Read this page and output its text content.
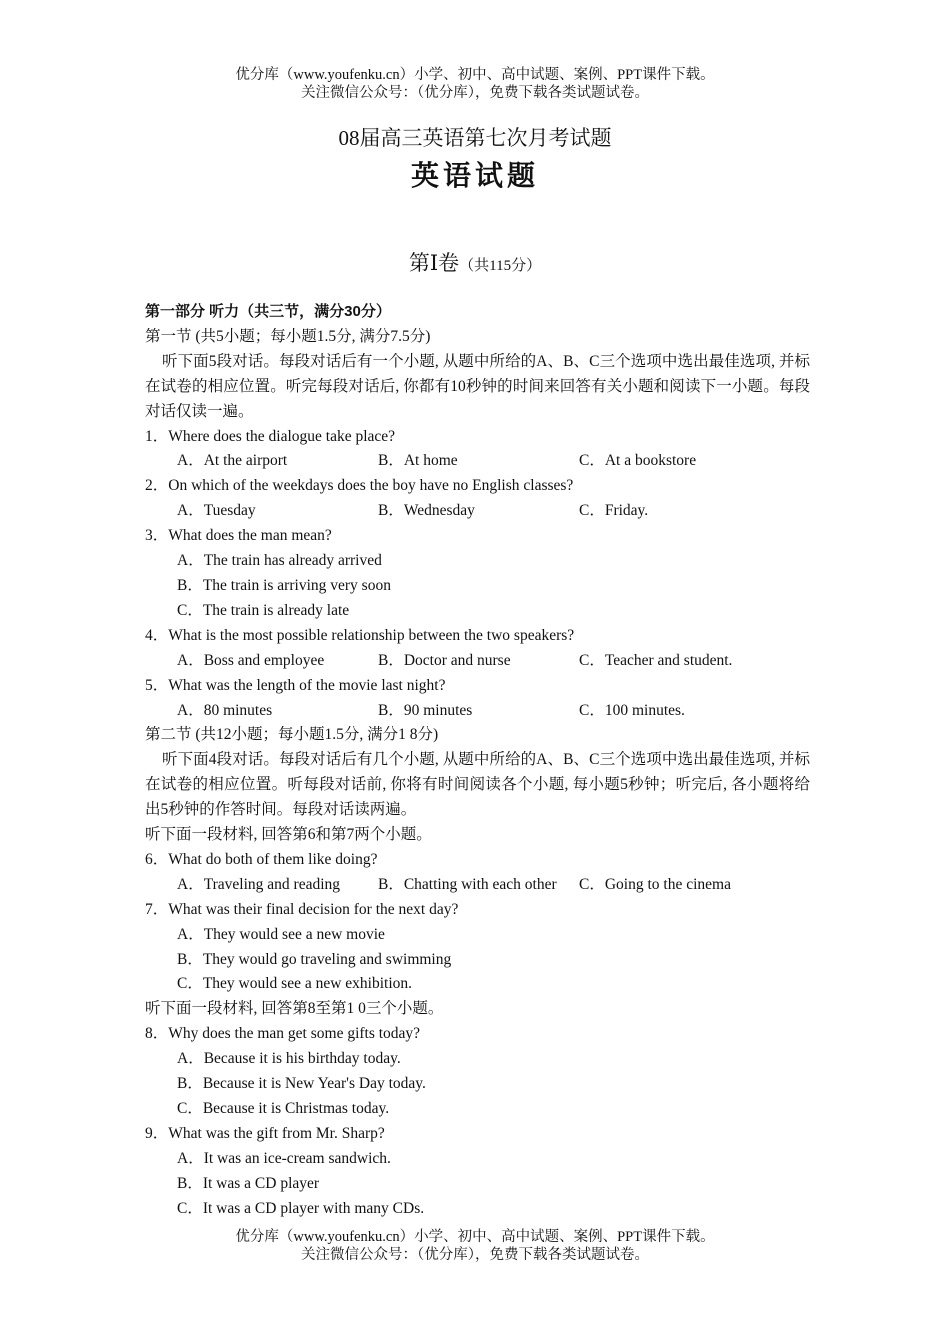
优分库（www.youfenku.cn）小学、初中、高中试题、案例、PPT课件下载。
关注微信公众号：（优分库），免费下载各类试题试卷。
08届高三英语第七次月考试题
英语试题
第Ⅰ卷（共115分）
第一部分 听力（共三节，满分30分）
第一节 (共5小题；每小题1.5分, 满分7.5分)
听下面5段对话。每段对话后有一个小题, 从题中所给的A、B、C三个选项中选出最佳选项, 并标在试卷的相应位置。听完每段对话后, 你都有10秒钟的时间来回答有关小题和阅读下一小题。每段对话仅读一遍。
1．Where does the dialogue take place?
A．At the airport	B．At home	C．At a bookstore
2．On which of the weekdays does the boy have no English classes?
A．Tuesday	B．Wednesday	C．Friday.
3．What does the man mean?
A．The train has already arrived
B．The train is arriving very soon
C．The train is already late
4．What is the most possible relationship between the two speakers?
A．Boss and employee	B．Doctor and nurse	C．Teacher and student.
5．What was the length of the movie last night?
A．80 minutes	B．90 minutes	C．100 minutes.
第二节 (共12小题；每小题1.5分, 满分1 8分)
听下面4段对话。每段对话后有几个小题, 从题中所给的A、B、C三个选项中选出最佳选项, 并标在试卷的相应位置。听每段对话前, 你将有时间阅读各个小题, 每小题5秒钟；听完后, 各小题将给出5秒钟的作答时间。每段对话读两遍。
听下面一段材料, 回答第6和第7两个小题。
6．What do both of them like doing?
A．Traveling and reading	B．Chatting with each other	C．Going to the cinema
7．What was their final decision for the next day?
A．They would see a new movie
B．They would go traveling and swimming
C．They would see a new exhibition.
听下面一段材料, 回答第8至第1 0三个小题。
8．Why does the man get some gifts today?
A．Because it is his birthday today.
B．Because it is New Year's Day today.
C．Because it is Christmas today.
9．What was the gift from Mr. Sharp?
A．It was an ice-cream sandwich.
B．It was a CD player
C．It was a CD player with many CDs.
优分库（www.youfenku.cn）小学、初中、高中试题、案例、PPT课件下载。
关注微信公众号：（优分库），免费下载各类试题试卷。
